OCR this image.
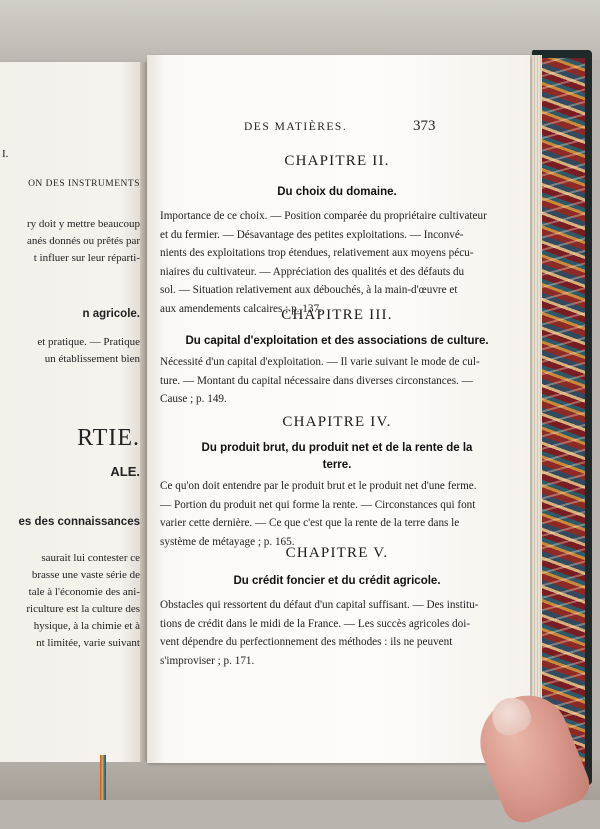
I.
ON DES INSTRUMENTS
ry doit y mettre beaucoup
anés donnés ou prêtés par
t influer sur leur réparti-
n agricole.
et pratique. — Pratique
un établissement bien
RTIE.
ALE.
es des connaissances
saurait lui contester ce
brasse une vaste série de
tale à l'économie des ani-
riculture est la culture des
hysique, à la chimie et à
nt limitée, varie suivant
DES MATIÈRES.	373
CHAPITRE II.
Du choix du domaine.
Importance de ce choix. — Position comparée du propriétaire cultivateur
et du fermier. — Désavantage des petites exploitations. — Inconvé-
nients des exploitations trop étendues, relativement aux moyens pécu-
niaires du cultivateur. — Appréciation des qualités et des défauts du
sol. — Situation relativement aux débouchés, à la main-d'œuvre et
aux amendements calcaires ; p. 137.
CHAPITRE III.
Du capital d'exploitation et des associations de culture.
Nécessité d'un capital d'exploitation. — Il varie suivant le mode de cul-
ture. — Montant du capital nécessaire dans diverses circonstances. —
Cause ; p. 149.
CHAPITRE IV.
Du produit brut, du produit net et de la rente de la
terre.
Ce qu'on doit entendre par le produit brut et le produit net d'une ferme.
— Portion du produit net qui forme la rente. — Circonstances qui font
varier cette dernière. — Ce que c'est que la rente de la terre dans le
système de métayage ; p. 165.
CHAPITRE V.
Du crédit foncier et du crédit agricole.
Obstacles qui ressortent du défaut d'un capital suffisant. — Des institu-
tions de crédit dans le midi de la France. — Les succès agricoles doi-
vent dépendre du perfectionnement des méthodes : ils ne peuvent
s'improviser ; p. 171.
